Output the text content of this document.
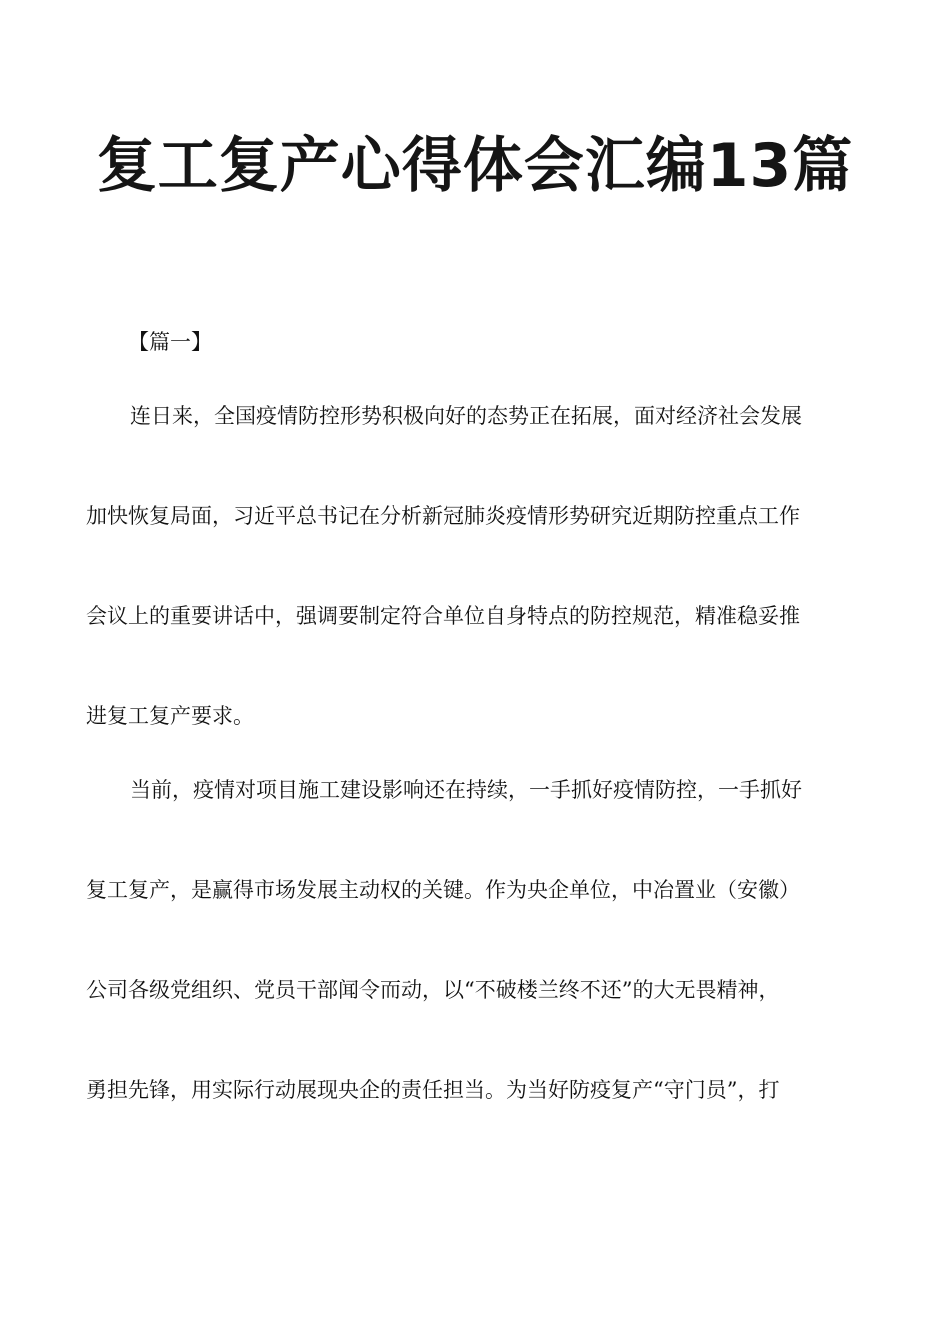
复工复产心得体会汇编13篇
【篇一】
连日来，全国疫情防控形势积极向好的态势正在拓展，面对经济社会发展
加快恢复局面，习近平总书记在分析新冠肺炎疫情形势研究近期防控重点工作
会议上的重要讲话中，强调要制定符合单位自身特点的防控规范，精准稳妥推
进复工复产要求。
当前，疫情对项目施工建设影响还在持续，一手抓好疫情防控，一手抓好
复工复产，是赢得市场发展主动权的关键。作为央企单位，中冶置业（安徽）
公司各级党组织、党员干部闻令而动，以“不破楼兰终不还”的大无畏精神，
勇担先锋，用实际行动展现央企的责任担当。为当好防疫复产“守门员”，打
